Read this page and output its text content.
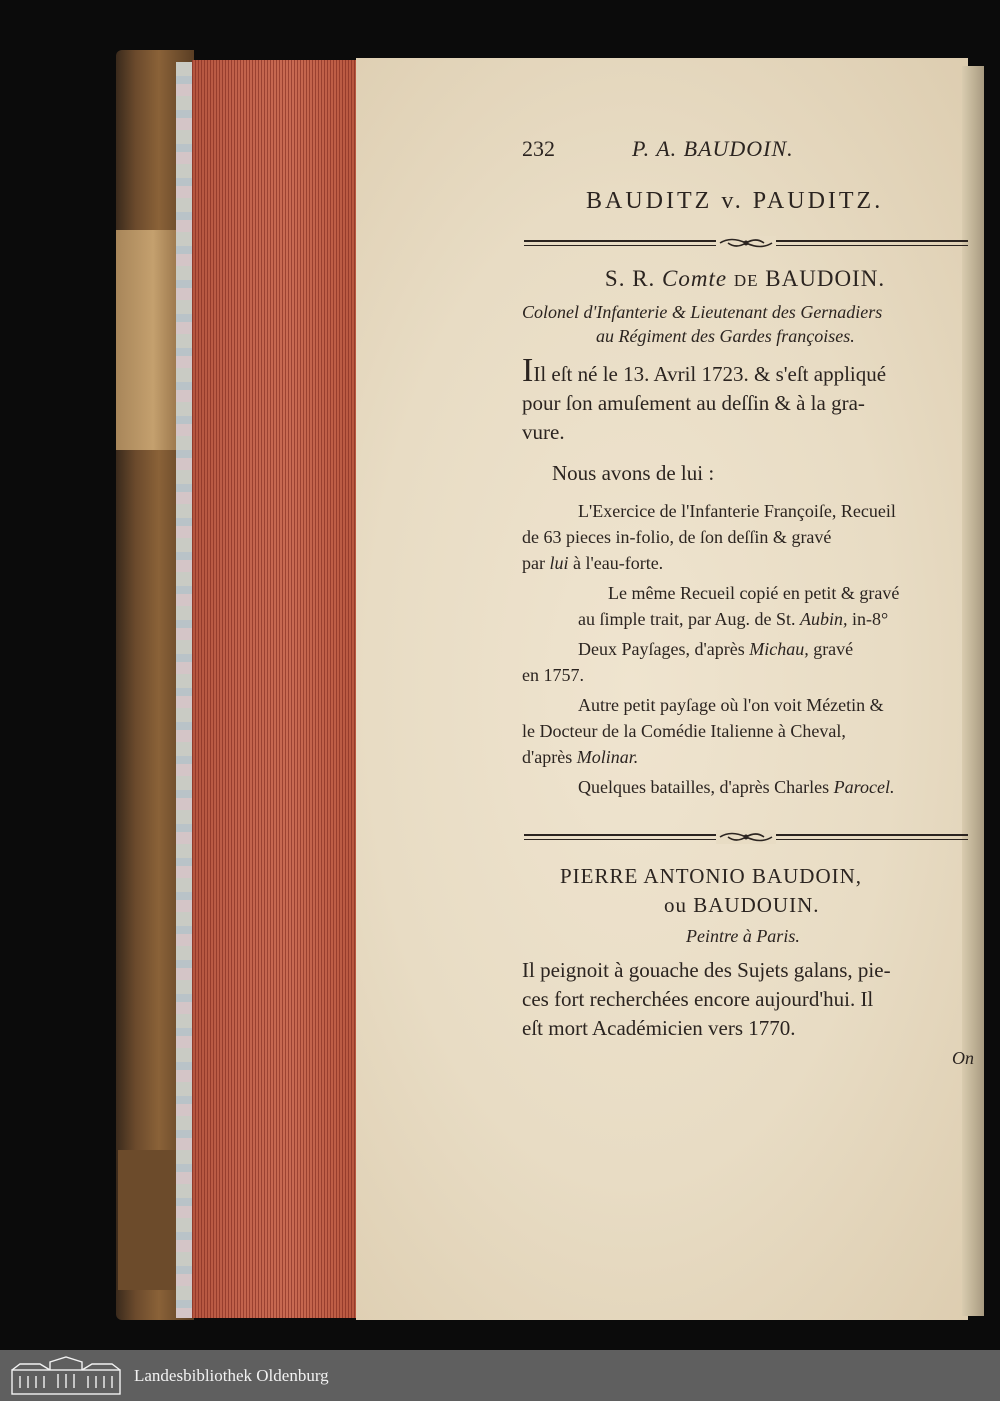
232	P. A. BAUDOIN.
BAUDITZ v. PAUDITZ.
S. R. Comte DE BAUDOIN.
Colonel d'Infanterie & Lieutenant des Gernadiers
au Régiment des Gardes françoises.
IIl eſt né le 13. Avril 1723. & s'eſt appliqué
pour ſon amuſement au deſſin & à la gra-
vure.
Nous avons de lui :
L'Exercice de l'Infanterie Françoiſe, Recueil
de 63 pieces in-folio, de ſon deſſin & gravé
par lui à l'eau-forte.
Le même Recueil copié en petit & gravé
au ſimple trait, par Aug. de St. Aubin, in-8°
Deux Payſages, d'après Michau, gravé
en 1757.
Autre petit payſage où l'on voit Mézetin &
le Docteur de la Comédie Italienne à Cheval,
d'après Molinar.
Quelques batailles, d'après Charles Parocel.
PIERRE ANTONIO BAUDOIN,
ou BAUDOUIN.
Peintre à Paris.
Il peignoit à gouache des Sujets galans, pie-
ces fort recherchées encore aujourd'hui. Il
eſt mort Académicien vers 1770.
On
Landesbibliothek Oldenburg
